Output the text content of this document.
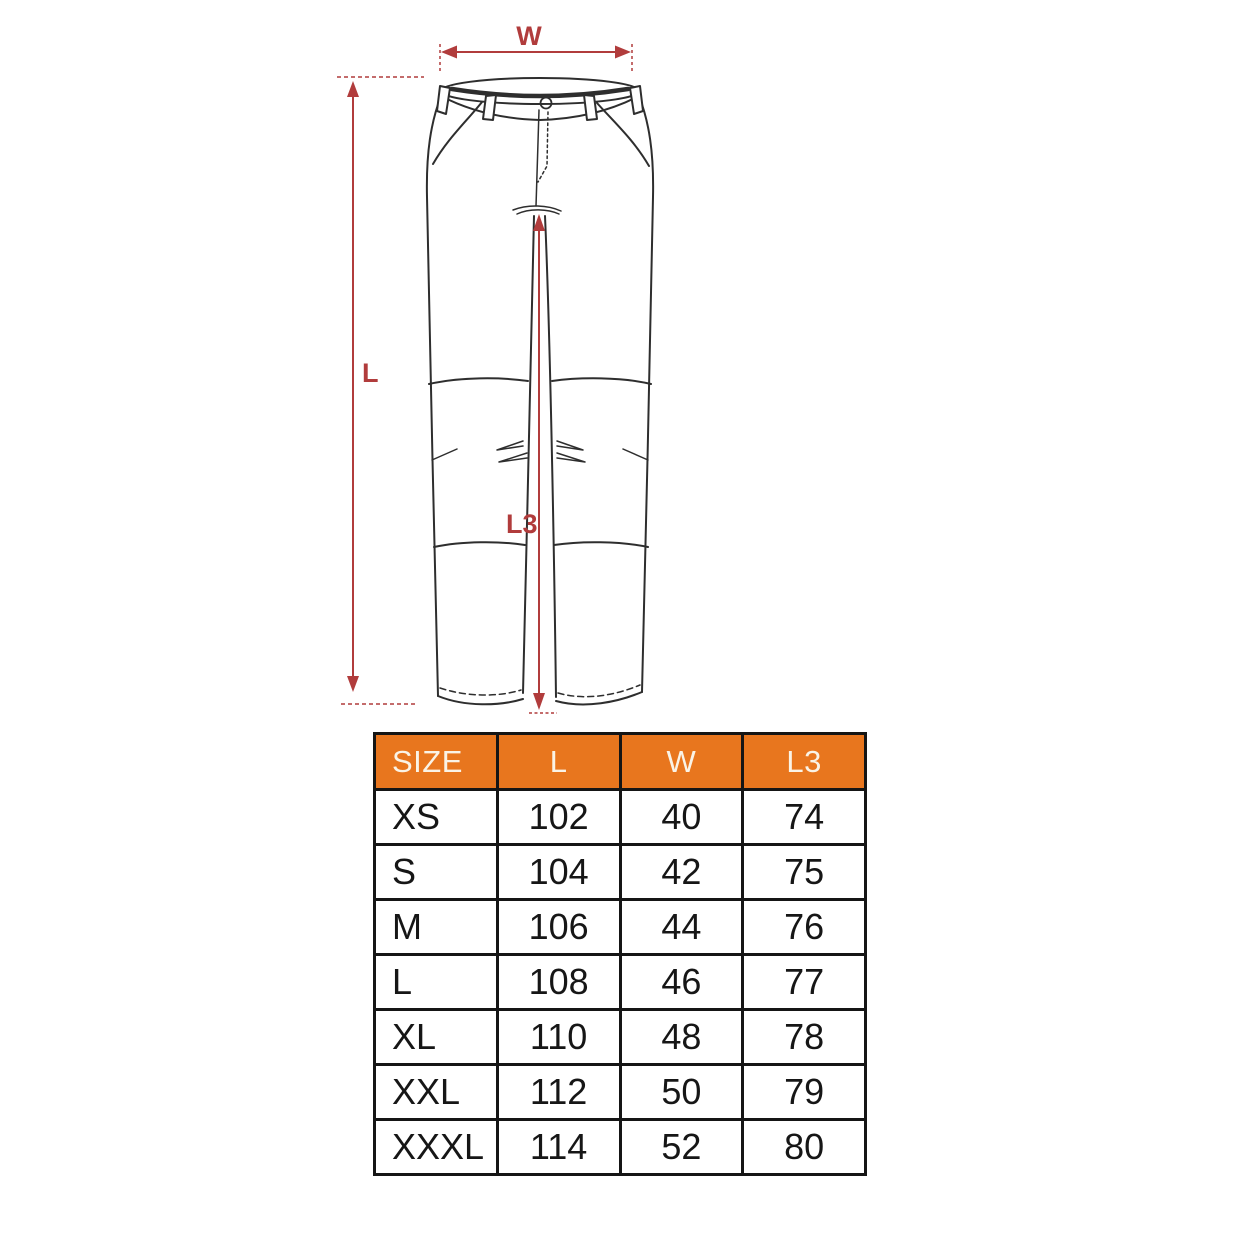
W
L
L3
SIZE	L	W	L3
XS	102	40	74
S	104	42	75
M	106	44	76
L	108	46	77
XL	110	48	78
XXL	112	50	79
XXXL	114	52	80
